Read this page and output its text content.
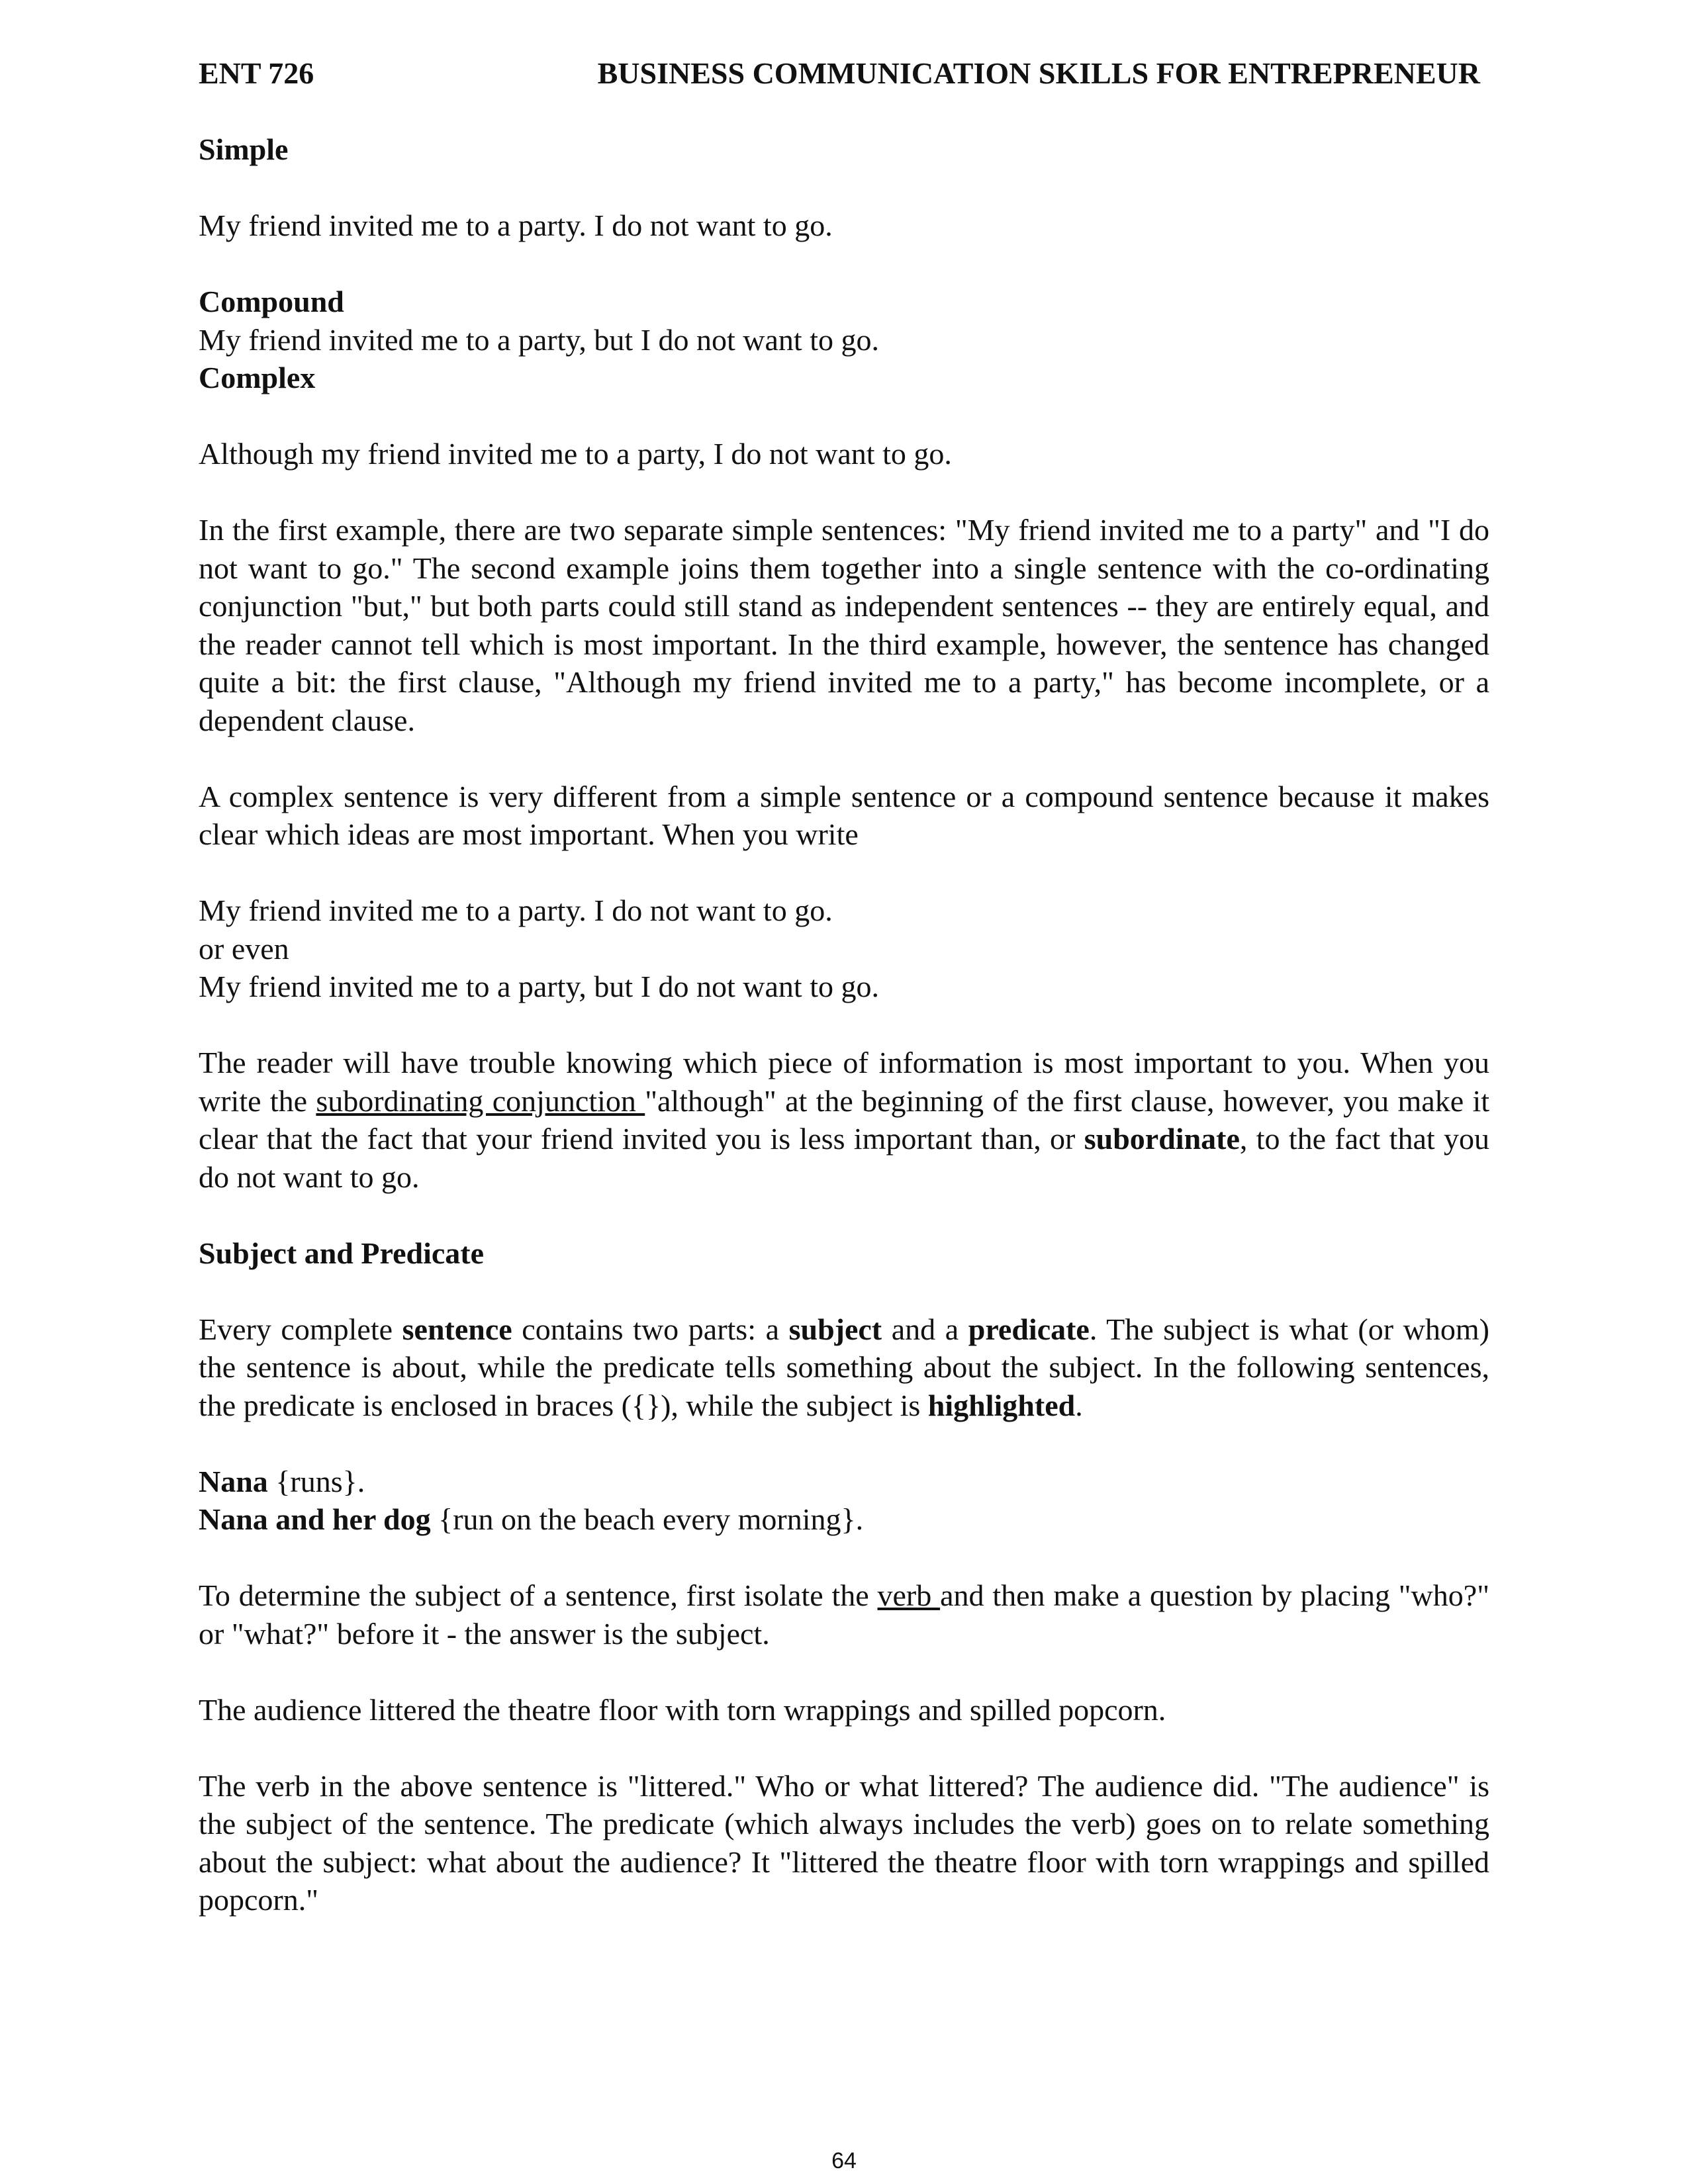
ENT 726	BUSINESS COMMUNICATION SKILLS FOR ENTREPRENEUR

Simple

My friend invited me to a party. I do not want to go.

Compound

My friend invited me to a party, but I do not want to go.

Complex

Although my friend invited me to a party, I do not want to go.

In the first example, there are two separate simple sentences: "My friend invited me to a party" and "I do not want to go." The second example joins them together into a single sentence with the co-ordinating conjunction "but," but both parts could still stand as independent sentences -- they are entirely equal, and the reader cannot tell which is most important. In the third example, however, the sentence has changed quite a bit: the first clause, "Although my friend invited me to a party," has become incomplete, or a dependent clause.

A complex sentence is very different from a simple sentence or a compound sentence because it makes clear which ideas are most important. When you write

My friend invited me to a party. I do not want to go.

or even

My friend invited me to a party, but I do not want to go.

The reader will have trouble knowing which piece of information is most important to you. When you write the subordinating conjunction "although" at the beginning of the first clause, however, you make it clear that the fact that your friend invited you is less important than, or subordinate, to the fact that you do not want to go.

Subject and Predicate

Every complete sentence contains two parts: a subject and a predicate. The subject is what (or whom) the sentence is about, while the predicate tells something about the subject. In the following sentences, the predicate is enclosed in braces ({}), while the subject is highlighted.

Nana {runs}.

Nana and her dog {run on the beach every morning}.

To determine the subject of a sentence, first isolate the verb and then make a question by placing "who?" or "what?" before it - the answer is the subject.

The audience littered the theatre floor with torn wrappings and spilled popcorn.

The verb in the above sentence is "littered." Who or what littered? The audience did. "The audience" is the subject of the sentence. The predicate (which always includes the verb) goes on to relate something about the subject: what about the audience? It "littered the theatre floor with torn wrappings and spilled popcorn."

64
